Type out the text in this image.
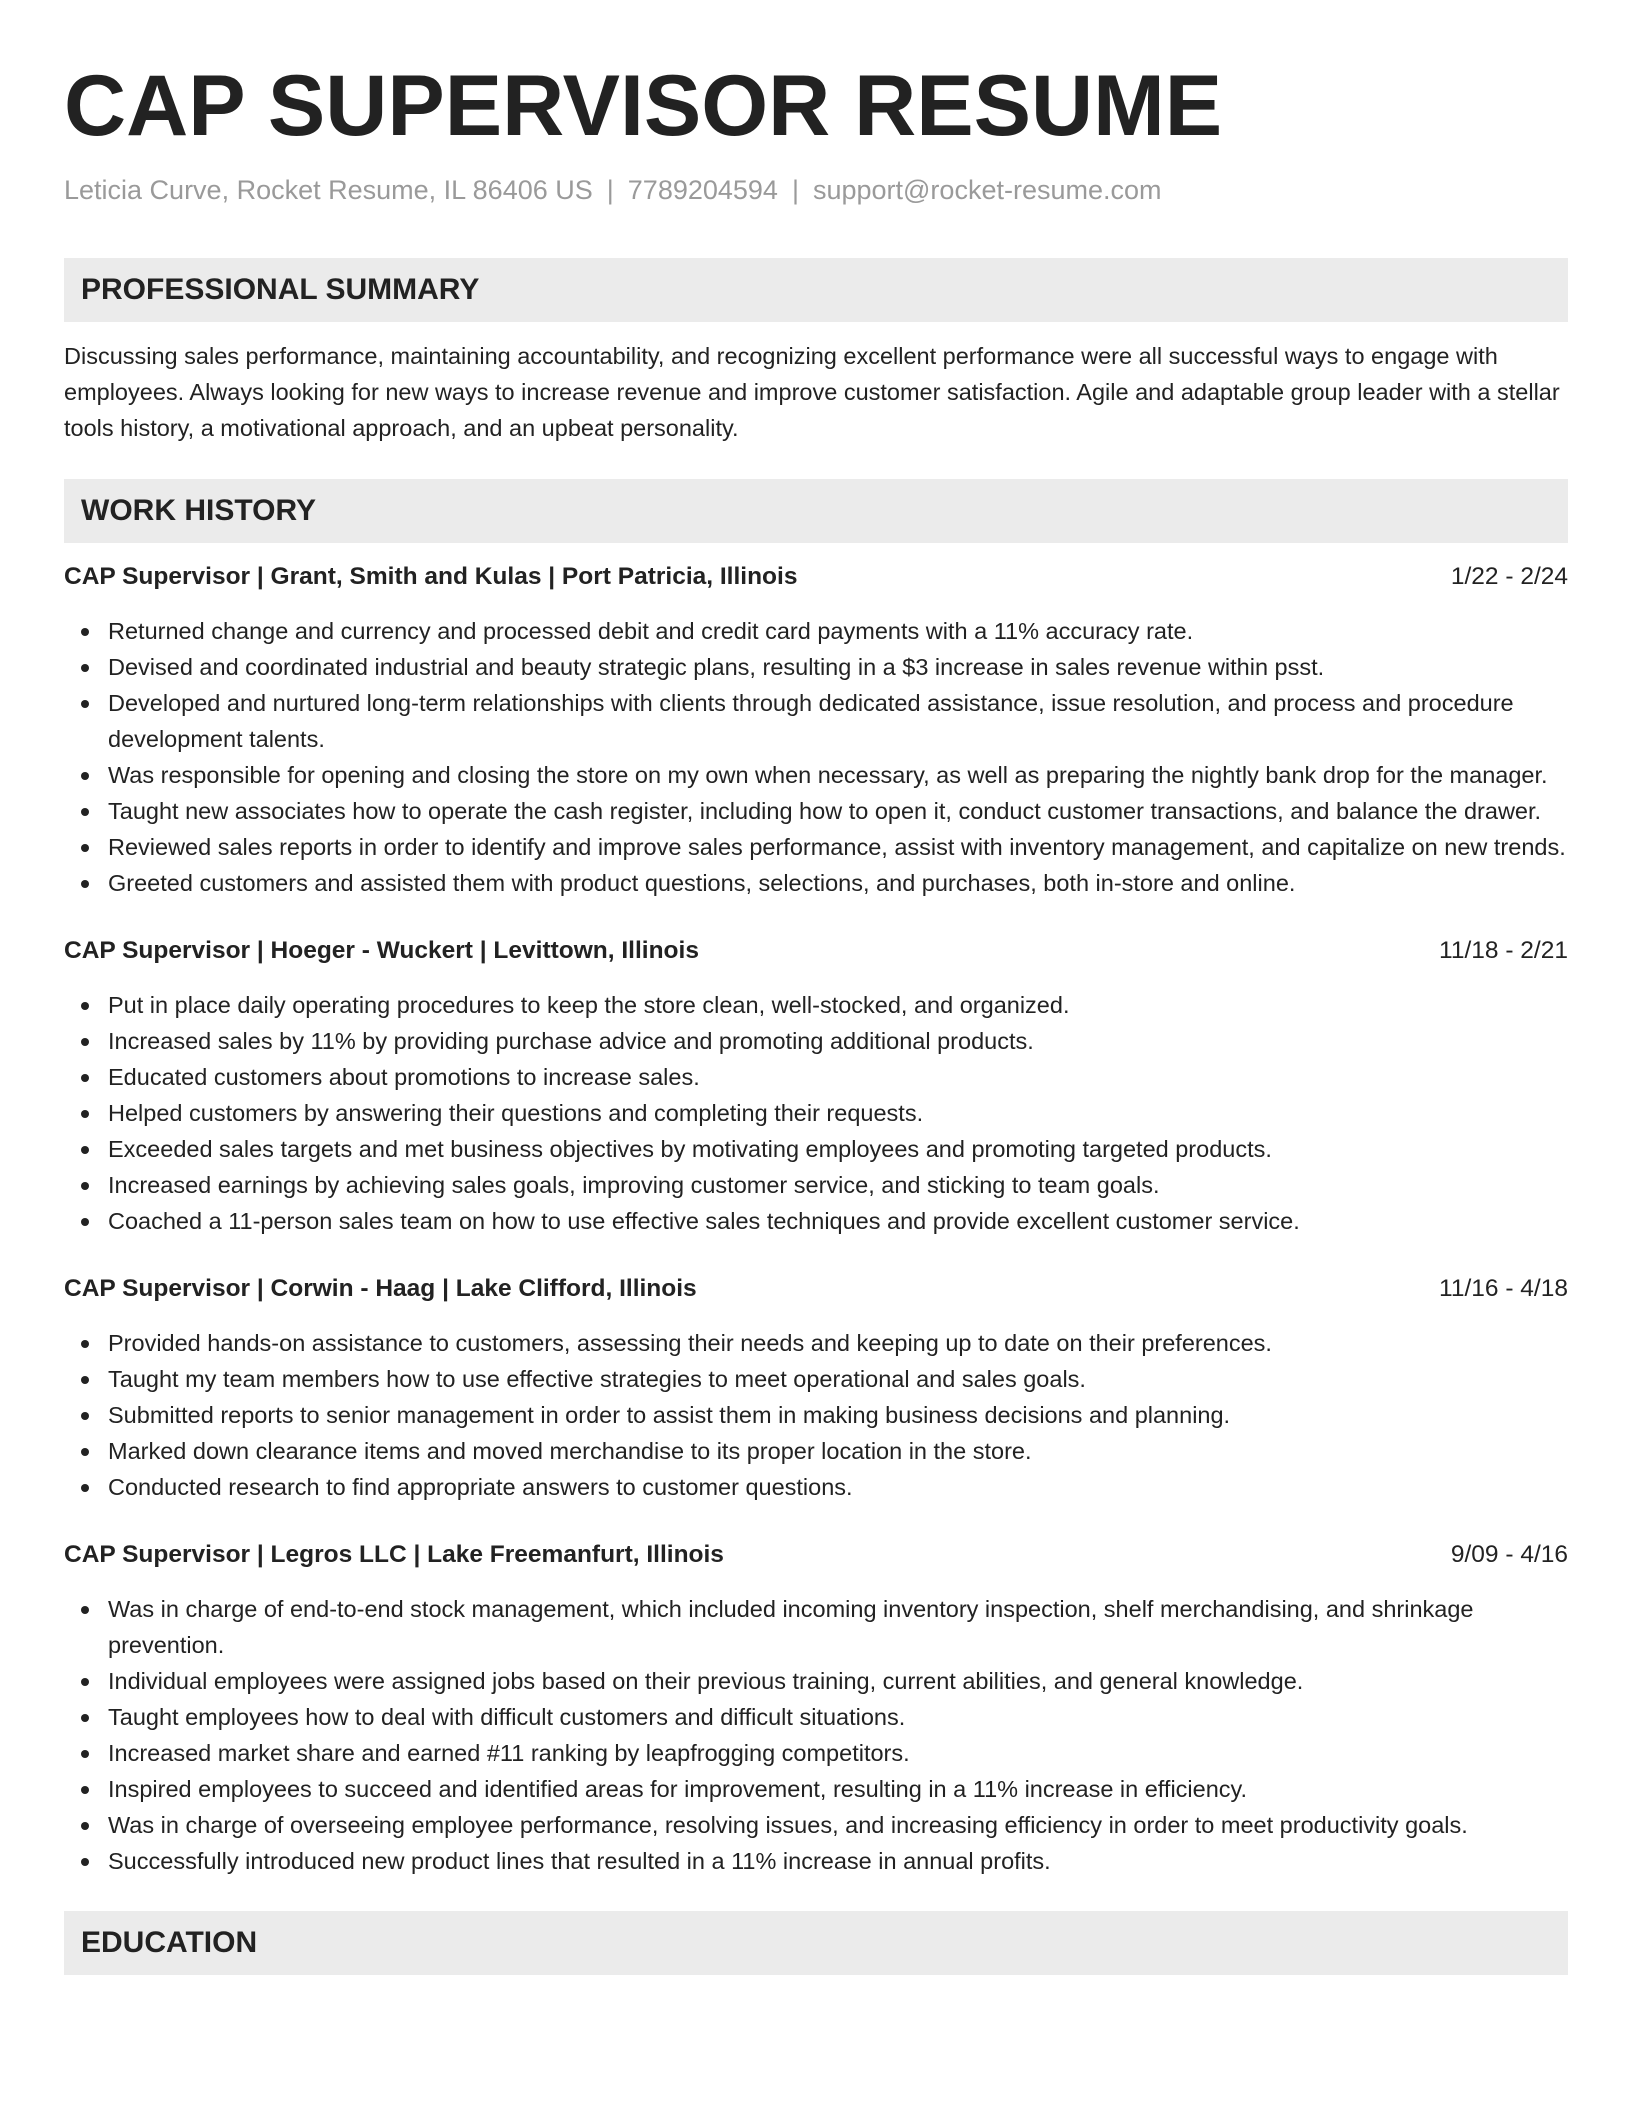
CAP SUPERVISOR RESUME
Leticia Curve, Rocket Resume, IL 86406 US | 7789204594 | support@rocket-resume.com
PROFESSIONAL SUMMARY

Discussing sales performance, maintaining accountability, and recognizing excellent performance were all successful ways to engage with employees. Always looking for new ways to increase revenue and improve customer satisfaction. Agile and adaptable group leader with a stellar tools history, a motivational approach, and an upbeat personality.

WORK HISTORY
CAP Supervisor | Grant, Smith and Kulas | Port Patricia, Illinois	1/22 - 2/24
Returned change and currency and processed debit and credit card payments with a 11% accuracy rate.
Devised and coordinated industrial and beauty strategic plans, resulting in a $3 increase in sales revenue within psst.
Developed and nurtured long-term relationships with clients through dedicated assistance, issue resolution, and process and procedure development talents.
Was responsible for opening and closing the store on my own when necessary, as well as preparing the nightly bank drop for the manager.
Taught new associates how to operate the cash register, including how to open it, conduct customer transactions, and balance the drawer.
Reviewed sales reports in order to identify and improve sales performance, assist with inventory management, and capitalize on new trends.
Greeted customers and assisted them with product questions, selections, and purchases, both in-store and online.
CAP Supervisor | Hoeger - Wuckert | Levittown, Illinois	11/18 - 2/21
Put in place daily operating procedures to keep the store clean, well-stocked, and organized.
Increased sales by 11% by providing purchase advice and promoting additional products.
Educated customers about promotions to increase sales.
Helped customers by answering their questions and completing their requests.
Exceeded sales targets and met business objectives by motivating employees and promoting targeted products.
Increased earnings by achieving sales goals, improving customer service, and sticking to team goals.
Coached a 11-person sales team on how to use effective sales techniques and provide excellent customer service.
CAP Supervisor | Corwin - Haag | Lake Clifford, Illinois	11/16 - 4/18
Provided hands-on assistance to customers, assessing their needs and keeping up to date on their preferences.
Taught my team members how to use effective strategies to meet operational and sales goals.
Submitted reports to senior management in order to assist them in making business decisions and planning.
Marked down clearance items and moved merchandise to its proper location in the store.
Conducted research to find appropriate answers to customer questions.
CAP Supervisor | Legros LLC | Lake Freemanfurt, Illinois	9/09 - 4/16
Was in charge of end-to-end stock management, which included incoming inventory inspection, shelf merchandising, and shrinkage prevention.
Individual employees were assigned jobs based on their previous training, current abilities, and general knowledge.
Taught employees how to deal with difficult customers and difficult situations.
Increased market share and earned #11 ranking by leapfrogging competitors.
Inspired employees to succeed and identified areas for improvement, resulting in a 11% increase in efficiency.
Was in charge of overseeing employee performance, resolving issues, and increasing efficiency in order to meet productivity goals.
Successfully introduced new product lines that resulted in a 11% increase in annual profits.
EDUCATION
